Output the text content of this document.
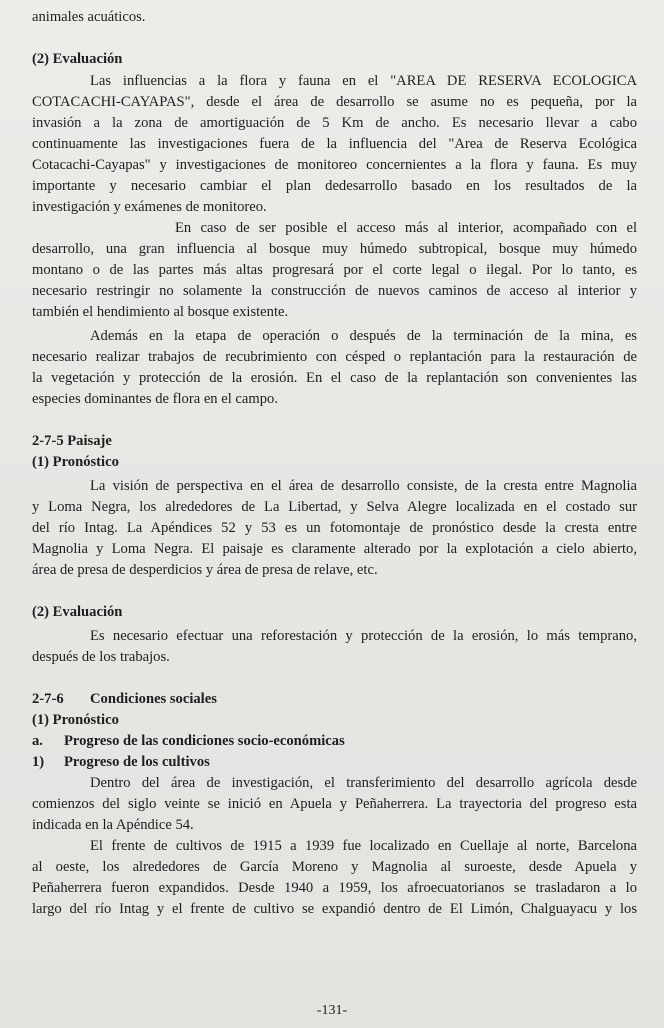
animales acuáticos.
(2) Evaluación
Las influencias a la flora y fauna en el "AREA DE RESERVA ECOLOGICA
COTACACHI-CAYAPAS", desde el área de desarrollo se asume no es pequeña, por la
invasión a la zona de amortiguación de 5 Km de ancho. Es necesario llevar a cabo
continuamente las investigaciones fuera de la influencia del "Area de Reserva Ecológica
Cotacachi-Cayapas" y investigaciones de monitoreo concernientes a la flora y fauna. Es muy
importante y necesario cambiar el plan dedesarrollo basado en los resultados de la
investigación y exámenes de monitoreo.
En caso de ser posible el acceso más al interior, acompañado con el
desarrollo, una gran influencia al bosque muy húmedo subtropical, bosque muy húmedo
montano o de las partes más altas progresará por el corte legal o ilegal. Por lo tanto, es
necesario restringir no solamente la construcción de nuevos caminos de acceso al interior y
también el hendimiento al bosque existente.
Además en la etapa de operación o después de la terminación de la mina, es
necesario realizar trabajos de recubrimiento con césped o replantación para la restauración de
la vegetación y protección de la erosión. En el caso de la replantación son convenientes las
especies dominantes de flora en el campo.
2-7-5 Paisaje
(1) Pronóstico
La visión de perspectiva en el área de desarrollo consiste, de la cresta entre Magnolia
y Loma Negra, los alrededores de La Libertad, y Selva Alegre localizada en el costado sur
del río Intag. La Apéndices 52 y 53 es un fotomontaje de pronóstico desde la cresta entre
Magnolia y Loma Negra. El paisaje es claramente alterado por la explotación a cielo abierto,
área de presa de desperdicios y área de presa de relave, etc.
(2) Evaluación
Es necesario efectuar una reforestación y protección de la erosión, lo más temprano,
después de los trabajos.
2-7-6 Condiciones sociales
(1) Pronóstico
a. Progreso de las condiciones socio-económicas
1) Progreso de los cultivos
Dentro del área de investigación, el transferimiento del desarrollo agrícola desde
comienzos del siglo veinte se inició en Apuela y Peñaherrera. La trayectoria del progreso esta
indicada en la Apéndice 54.
El frente de cultivos de 1915 a 1939 fue localizado en Cuellaje al norte, Barcelona
al oeste, los alrededores de García Moreno y Magnolia al suroeste, desde Apuela y
Peñaherrera fueron expandidos. Desde 1940 a 1959, los afroecuatorianos se trasladaron a lo
largo del río Intag y el frente de cultivo se expandió dentro de El Limón, Chalguayacu y los
-131-
